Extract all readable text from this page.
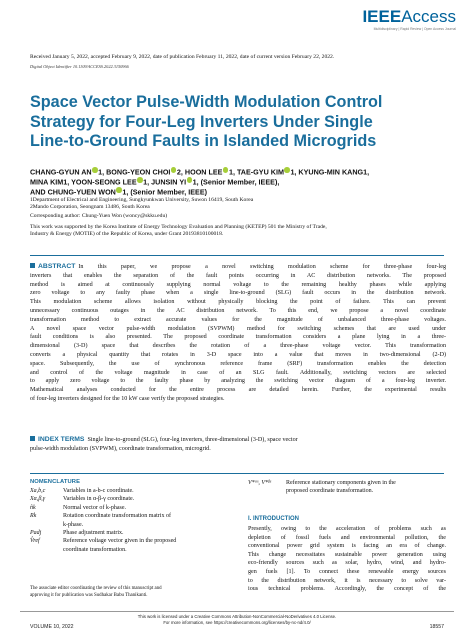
IEEEAccess
Multidisciplinary | Rapid Review | Open Access Journal
Received January 5, 2022, accepted February 9, 2022, date of publication February 11, 2022, date of current version February 22, 2022.
Digital Object Identifier 10.1109/ACCESS.2022.3150966
Space Vector Pulse-Width Modulation Control
Strategy for Four-Leg Inverters Under Single
Line-to-Ground Faults in Islanded Microgrids
CHANG-GYUN AN 1, BONG-YEON CHOI 2, HOON LEE 1, TAE-GYU KIM 1, KYUNG-MIN KANG1,
MINA KIM1, YOON-SEONG LEE 1, JUNSIN YI 1, (Senior Member, IEEE),
AND CHUNG-YUEN WON 1, (Senior Member, IEEE)
1Department of Electrical and Engineering, Sungkyunkwan University, Suwon 16419, South Korea
2Mando Corporation, Seongnam 13486, South Korea
Corresponding author: Chung-Yuen Won (woncy@skku.edu)
This work was supported by the Korea Institute of Energy Technology Evaluation and Planning (KETEP) 501 the Ministry of Trade,
Industry & Energy (MOTIE) of the Republic of Korea, under Grant 20193810100018.
ABSTRACT In this paper, we propose a novel switching modulation scheme for three-phase four-leg
inverters that enables the separation of the fault points occurring in AC distribution networks. The proposed
method is aimed at continuously supplying normal voltage to the remaining healthy phases while applying
zero voltage to any faulty phase when a single line-to-ground (SLG) fault occurs in the distribution network.
This modulation scheme allows isolation without physically blocking the point of failure. This can prevent
unnecessary continuous outages in the AC distribution network. To this end, we propose a novel coordinate
transformation method to extract accurate values for the magnitude of unbalanced three-phase voltages.
A novel space vector pulse-width modulation (SVPWM) method for switching schemes that are used under
fault conditions is also presented. The proposed coordinate transformation considers a plane lying in a three-
dimensional (3-D) space that describes the rotation of a three-phase voltage vector. This transformation
converts a physical quantity that rotates in 3-D space into a value that moves in two-dimensional (2-D)
space. Subsequently, the use of synchronous reference frame (SRF) transformation enables the detection
and control of the voltage magnitude in case of an SLG fault. Additionally, switching vectors are selected
to apply zero voltage to the faulty phase by analyzing the switching vector diagram of a four-leg inverter.
Mathematical analyses conducted for the entire process are detailed herein. Further, the experimental results
of four-leg inverters designed for the 10 kW case verify the proposed strategies.
INDEX TERMS Single line-to-ground (SLG), four-leg inverters, three-dimensional (3-D), space vector
pulse-width modulation (SVPWM), coordinate transformation, microgrid.
NOMENCLATURE
Xa,b,c	Variables in a-b-c coordinate.
Xα,β,γ	Variables in α-β-γ coordinate.
n̂k	Normal vector of k-phase.
Rk	Rotation coordinate transformation matrix of
k-phase.
Padj	Phase adjustment matrix.
V̂ref	Reference voltage vector given in the proposed
coordinate transformation.
V*ᵅˢ, V*ᵝˢ	Reference stationary components given in the
proposed coordinate transformation.
I. INTRODUCTION
Presently, owing to the acceleration of problems such as
depletion of fossil fuels and environmental pollution, the
conventional power grid system is facing an era of change.
This change necessitates sustainable power generation using
eco-friendly sources such as solar, hydro, wind, and hydro-
gen fuels [1]. To connect these renewable energy sources
to the distribution network, it is necessary to solve var-
ious technical problems. Accordingly, the concept of the
The associate editor coordinating the review of this manuscript and
approving it for publication was Sudhakar Babu Thanikanti.
This work is licensed under a Creative Commons Attribution-NonCommercial-NoDerivatives 4.0 License.
For more information, see https://creativecommons.org/licenses/by-nc-nd/4.0/
VOLUME 10, 2022	18557
